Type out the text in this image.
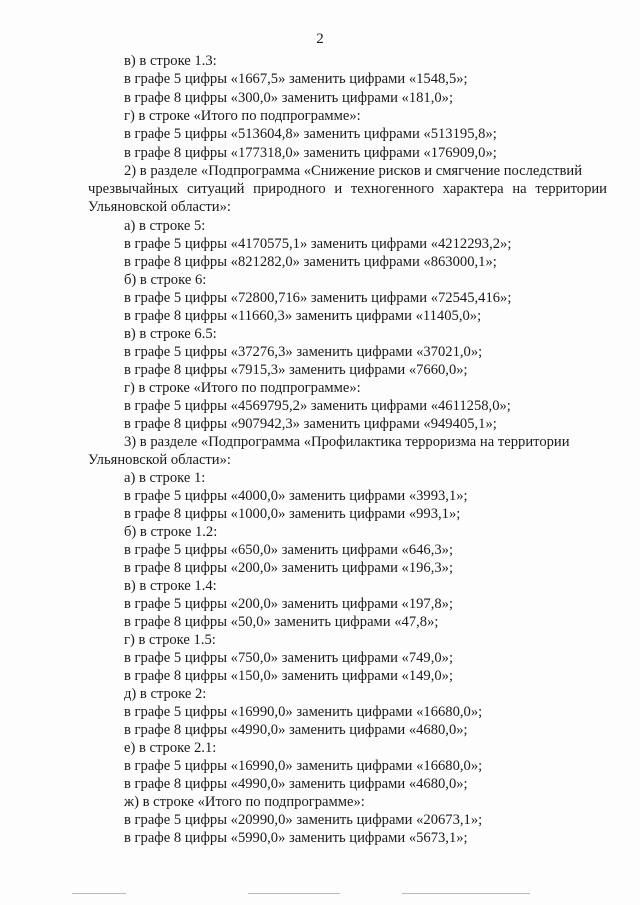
2
в) в строке 1.3:
в графе 5 цифры «1667,5» заменить цифрами «1548,5»;
в графе 8 цифры «300,0» заменить цифрами «181,0»;
г) в строке «Итого по подпрограмме»:
в графе 5 цифры «513604,8» заменить цифрами «513195,8»;
в графе 8 цифры «177318,0» заменить цифрами «176909,0»;
2) в разделе «Подпрограмма «Снижение рисков и смягчение последствий
чрезвычайных ситуаций природного и техногенного характера на территории
Ульяновской области»:
а) в строке 5:
в графе 5 цифры «4170575,1» заменить цифрами «4212293,2»;
в графе 8 цифры «821282,0» заменить цифрами «863000,1»;
б) в строке 6:
в графе 5 цифры «72800,716» заменить цифрами «72545,416»;
в графе 8 цифры «11660,3» заменить цифрами «11405,0»;
в) в строке 6.5:
в графе 5 цифры «37276,3» заменить цифрами «37021,0»;
в графе 8 цифры «7915,3» заменить цифрами «7660,0»;
г) в строке «Итого по подпрограмме»:
в графе 5 цифры «4569795,2» заменить цифрами «4611258,0»;
в графе 8 цифры «907942,3» заменить цифрами «949405,1»;
3) в разделе «Подпрограмма «Профилактика терроризма на территории
Ульяновской области»:
а) в строке 1:
в графе 5 цифры «4000,0» заменить цифрами «3993,1»;
в графе 8 цифры «1000,0» заменить цифрами «993,1»;
б) в строке 1.2:
в графе 5 цифры «650,0» заменить цифрами «646,3»;
в графе 8 цифры «200,0» заменить цифрами «196,3»;
в) в строке 1.4:
в графе 5 цифры «200,0» заменить цифрами «197,8»;
в графе 8 цифры «50,0» заменить цифрами «47,8»;
г) в строке 1.5:
в графе 5 цифры «750,0» заменить цифрами «749,0»;
в графе 8 цифры «150,0» заменить цифрами «149,0»;
д) в строке 2:
в графе 5 цифры «16990,0» заменить цифрами «16680,0»;
в графе 8 цифры «4990,0» заменить цифрами «4680,0»;
е) в строке 2.1:
в графе 5 цифры «16990,0» заменить цифрами «16680,0»;
в графе 8 цифры «4990,0» заменить цифрами «4680,0»;
ж) в строке «Итого по подпрограмме»:
в графе 5 цифры «20990,0» заменить цифрами «20673,1»;
в графе 8 цифры «5990,0» заменить цифрами «5673,1»;
